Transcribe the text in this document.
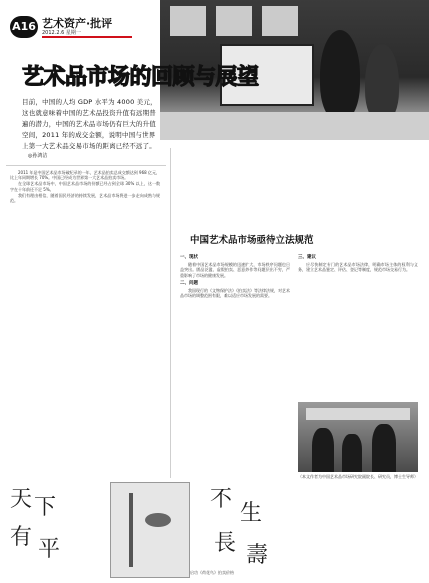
A16 艺术资产·批评
2012.2.6 星期一
艺术品市场的回顾与展望
目前，中国的人均 GDP 水平为 4000 美元，这也就意味着中国的艺术品投资升值有远期普遍的潜力，中国的艺术品市场仍有巨大的升值空间，2011 年的成交金额，说明中国与世界上第一大艺术品交易市场的距离已经不远了。
◎孙鸿洁

2011 年是中国艺术品市场破纪录的一年，艺术品拍卖总成交额达到 968 亿元，比上年同期增长 70%。中国已经成为世界第一大艺术品拍卖市场。

在全球艺术品市场中，中国艺术品市场的份额已经占到全球 30% 以上，这一数字在十年前还不足 5%。

我们有理由相信，随着国民经济的持续发展，艺术品市场将进一步走向成熟与规范。

中国艺术品市场亟待立法规范
一、现状

随着中国艺术品市场规模的迅速扩大，市场秩序问题也日益突出。赝品泛滥、虚假拍卖、恶意炒作等问题层出不穷，严重影响了市场的健康发展。

二、问题

我国现行的《文物保护法》《拍卖法》等法律法规，对艺术品市场的调整范围有限，难以适应市场发展的需要。

三、建议

应尽快制定专门的艺术品市场法律，明确市场主体的权利与义务，建立艺术品鉴定、评估、登记等制度，规范市场交易行为。

（本文作者为中国艺术品市场研究院副院长、研究员，博士生导师）
天 下
有 平
不
生
長 壽
启功《荷花鸟》拍卖价格
